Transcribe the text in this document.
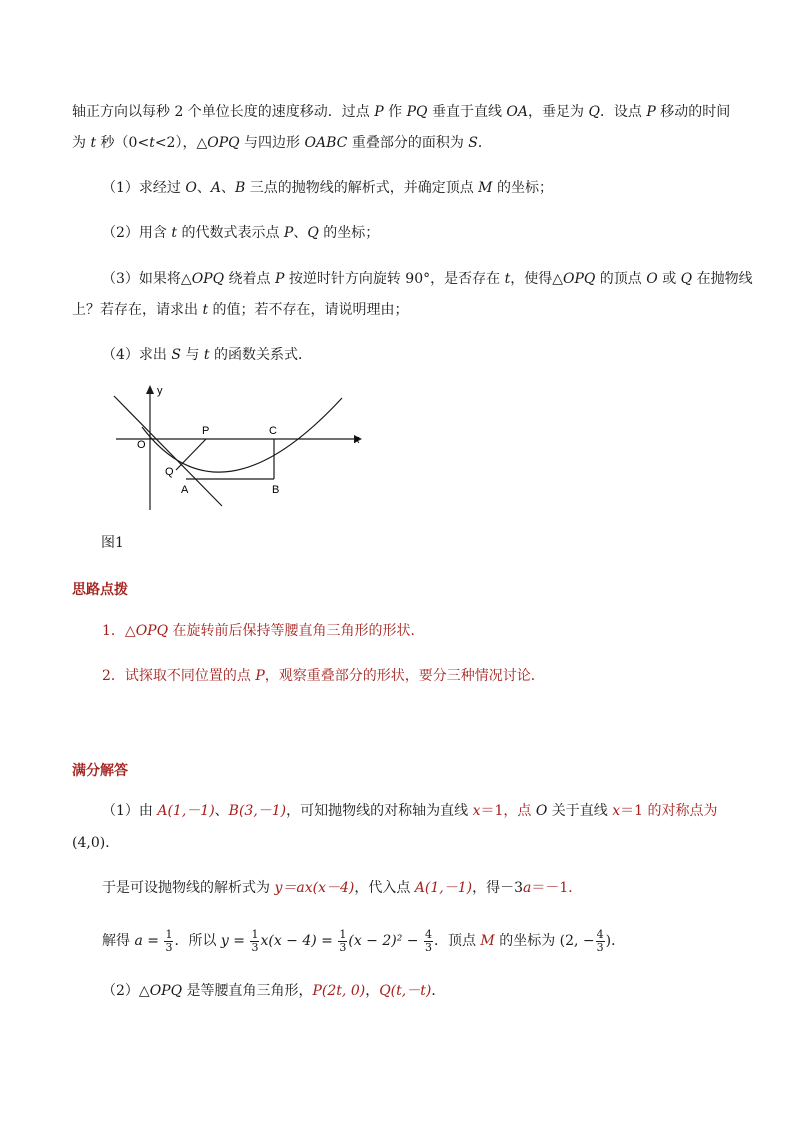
轴正方向以每秒 2 个单位长度的速度移动．过点 P 作 PQ 垂直于直线 OA，垂足为 Q．设点 P 移动的时间
为 t 秒（0<t<2），△OPQ 与四边形 OABC 重叠部分的面积为 S．
（1）求经过 O、A、B 三点的抛物线的解析式，并确定顶点 M 的坐标；
（2）用含 t 的代数式表示点 P、Q 的坐标；
（3）如果将△OPQ 绕着点 P 按逆时针方向旋转 90°，是否存在 t，使得△OPQ 的顶点 O 或 Q 在抛物线
上？若存在，请求出 t 的值；若不存在，请说明理由；
（4）求出 S 与 t 的函数关系式．
y
x
O
P	C
Q
A	B
图1
思路点拨
1．△OPQ 在旋转前后保持等腰直角三角形的形状．
2．试探取不同位置的点 P，观察重叠部分的形状，要分三种情况讨论．
满分解答
（1）由 A(1,－1)、B(3,－1)，可知抛物线的对称轴为直线 x＝1，点 O 关于直线 x＝1 的对称点为
(4,0)．
于是可设抛物线的解析式为 y＝ax(x－4)，代入点 A(1,－1)，得－3a＝－1．
解得 $a = \frac{1}{3}$ ．所以 $y = \frac{1}{3} x(x - 4) = \frac{1}{3} (x - 2)^2 - \frac{4}{3}$ ．顶点 M 的坐标为 (2, − $\frac{4}{3}$ )．
（2）△OPQ 是等腰直角三角形，P(2t, 0)，Q(t,－t)．
